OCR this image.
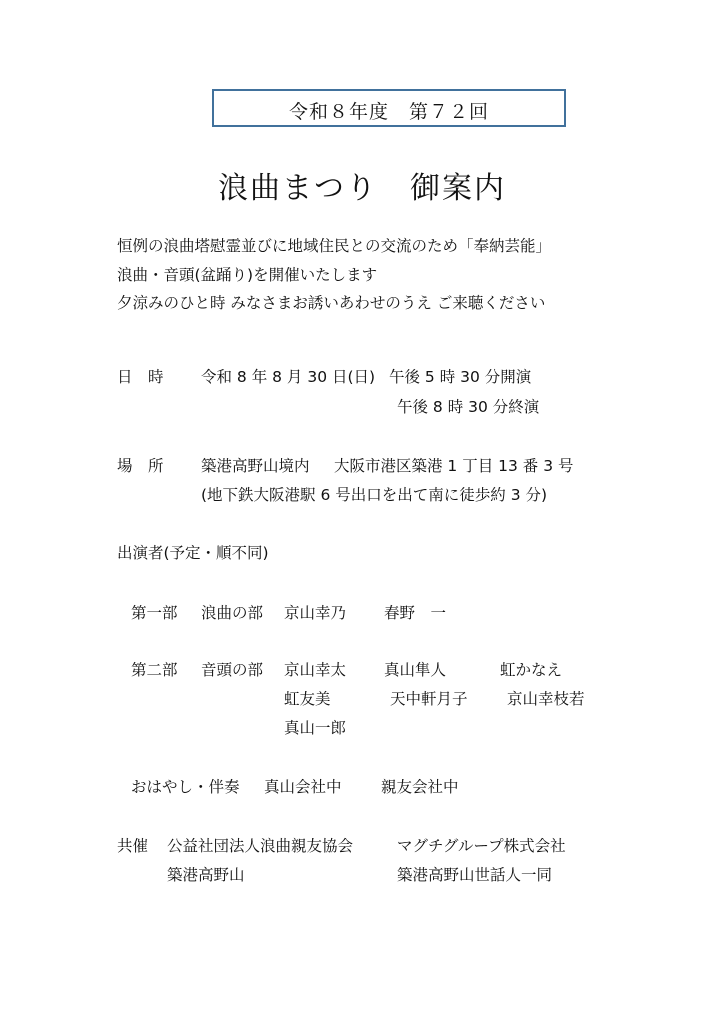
令和８年度　第７２回
浪曲まつり　御案内
恒例の浪曲塔慰霊並びに地域住民との交流のため「奉納芸能」
浪曲・音頭(盆踊り)を開催いたします
夕涼みのひと時 みなさまお誘いあわせのうえ ご来聴ください
日　時 令和 8 年 8 月 30 日(日) 午後 5 時 30 分開演
午後 8 時 30 分終演
場　所 築港高野山境内 大阪市港区築港 1 丁目 13 番 3 号
(地下鉄大阪港駅 6 号出口を出て南に徒歩約 3 分)
出演者(予定・順不同)
第一部 浪曲の部 京山幸乃 春野　一
第二部 音頭の部 京山幸太 真山隼人	虹かなえ
虹友美	天中軒月子	京山幸枝若
真山一郎
おはやし・伴奏 真山会社中	親友会社中
共催 公益社団法人浪曲親友協会	マグチグループ株式会社
築港高野山	築港高野山世話人一同
